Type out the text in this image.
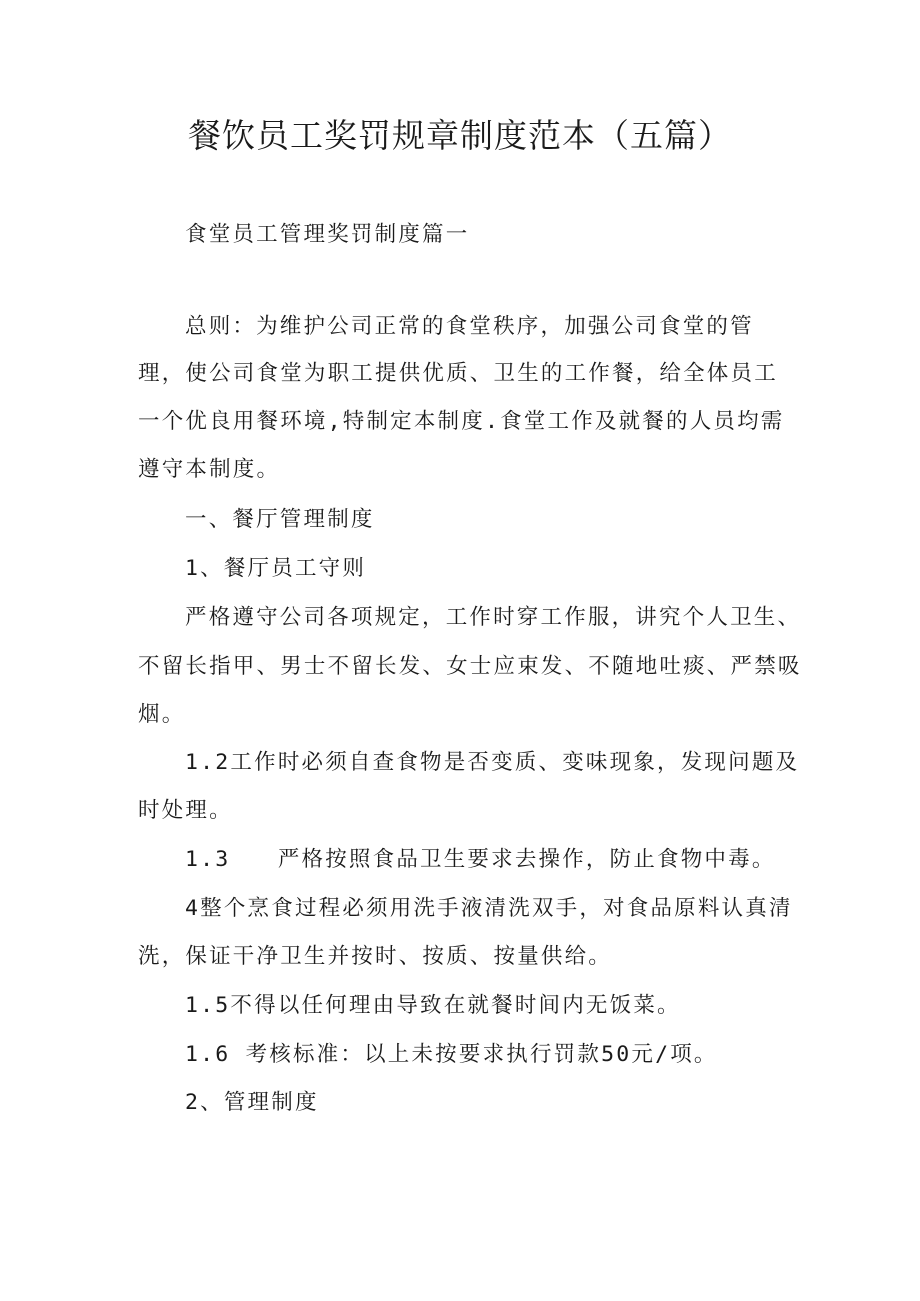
餐饮员工奖罚规章制度范本（五篇）
食堂员工管理奖罚制度篇一
总则：为维护公司正常的食堂秩序，加强公司食堂的管
理，使公司食堂为职工提供优质、卫生的工作餐，给全体员工
一个优良用餐环境,特制定本制度.食堂工作及就餐的人员均需
遵守本制度。
一、餐厅管理制度
1、餐厅员工守则
严格遵守公司各项规定，工作时穿工作服，讲究个人卫生、
不留长指甲、男士不留长发、女士应束发、不随地吐痰、严禁吸
烟。
1.2工作时必须自查食物是否变质、变味现象，发现问题及
时处理。
1.3　　严格按照食品卫生要求去操作，防止食物中毒。
4整个烹食过程必须用洗手液清洗双手，对食品原料认真清
洗，保证干净卫生并按时、按质、按量供给。
1.5不得以任何理由导致在就餐时间内无饭菜。
1.6 考核标准：以上未按要求执行罚款50元/项。
2、管理制度
